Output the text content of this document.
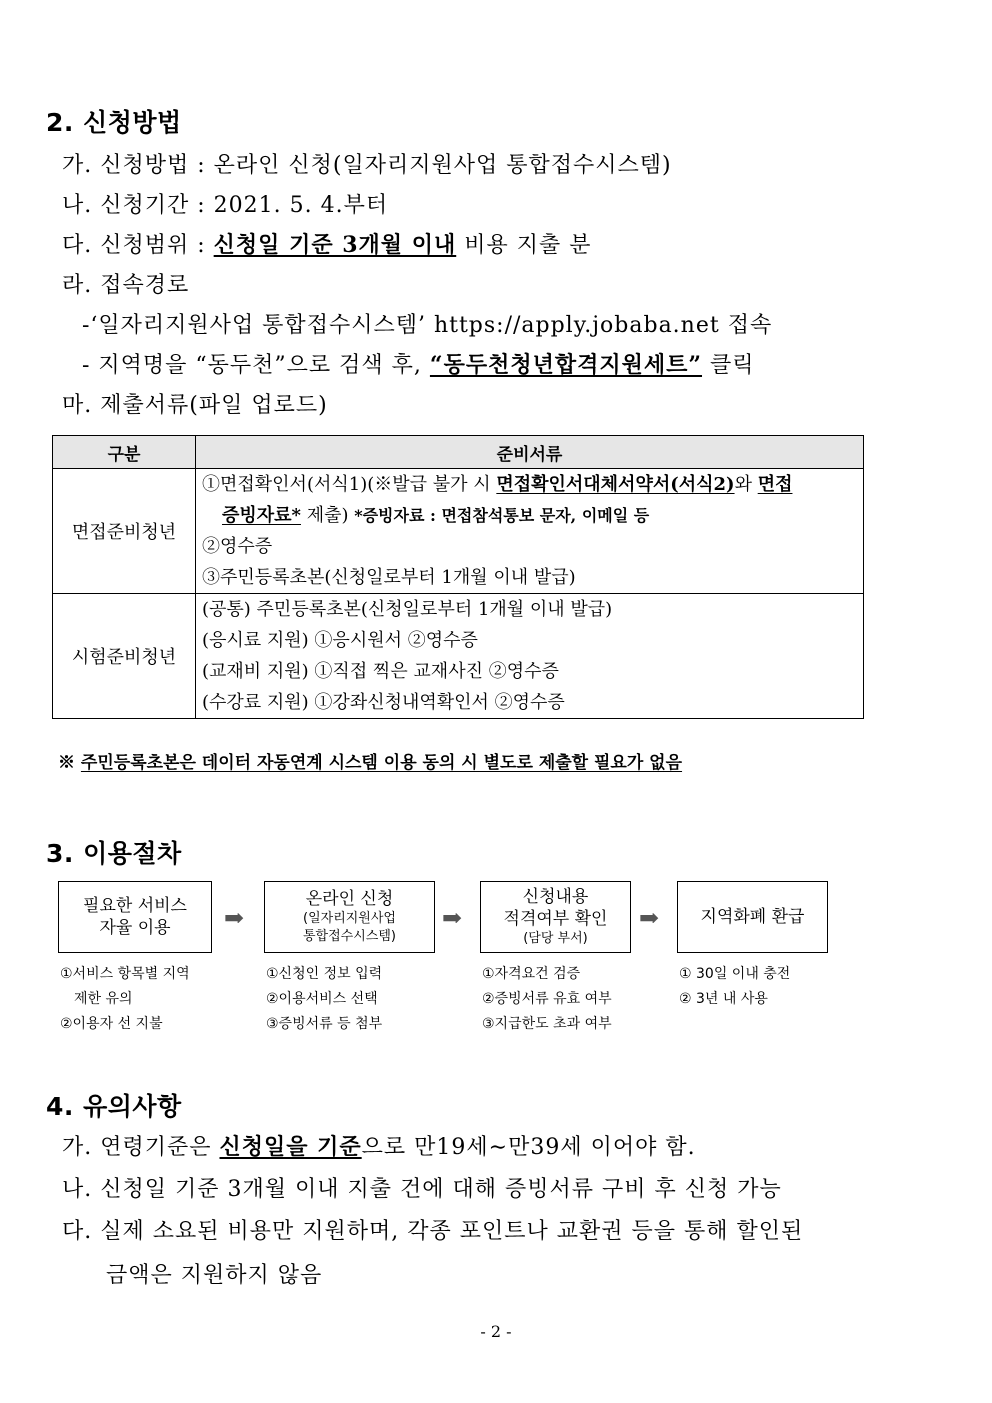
2. 신청방법
가. 신청방법 : 온라인 신청(일자리지원사업 통합접수시스템)
나. 신청기간 : 2021. 5. 4.부터
다. 신청범위 : 신청일 기준 3개월 이내 비용 지출 분
라. 접속경로
-‘일자리지원사업 통합접수시스템’ https://apply.jobaba.net 접속
- 지역명을 “동두천”으로 검색 후, “동두천청년합격지원세트” 클릭
마. 제출서류(파일 업로드)
구분	준비서류
면접준비청년	①면접확인서(서식1)(※발급 불가 시 면접확인서대체서약서(서식2)와 면접
증빙자료* 제출) *증빙자료 : 면접참석통보 문자, 이메일 등
②영수증
③주민등록초본(신청일로부터 1개월 이내 발급)

시험준비청년	(공통) 주민등록초본(신청일로부터 1개월 이내 발급)
(응시료 지원) ①응시원서 ②영수증
(교재비 지원) ①직접 찍은 교재사진 ②영수증
(수강료 지원) ①강좌신청내역확인서 ②영수증
※ 주민등록초본은 데이터 자동연계 시스템 이용 동의 시 별도로 제출할 필요가 없음
3. 이용절차
필요한 서비스
자율 이용 ➡
온라인 신청
(일자리지원사업
통합접수시스템)
➡
신청내용
적격여부 확인
(담당 부서)
➡ 지역화폐 환급
①서비스 항목별 지역
제한 유의
②이용자 선 지불
①신청인 정보 입력
②이용서비스 선택
③증빙서류 등 첨부
①자격요건 검증
②증빙서류 유효 여부
③지급한도 초과 여부
① 30일 이내 충전
② 3년 내 사용
4. 유의사항
가. 연령기준은 신청일을 기준으로 만19세∼만39세 이어야 함.
나. 신청일 기준 3개월 이내 지출 건에 대해 증빙서류 구비 후 신청 가능
다. 실제 소요된 비용만 지원하며, 각종 포인트나 교환권 등을 통해 할인된
금액은 지원하지 않음
- 2 -
